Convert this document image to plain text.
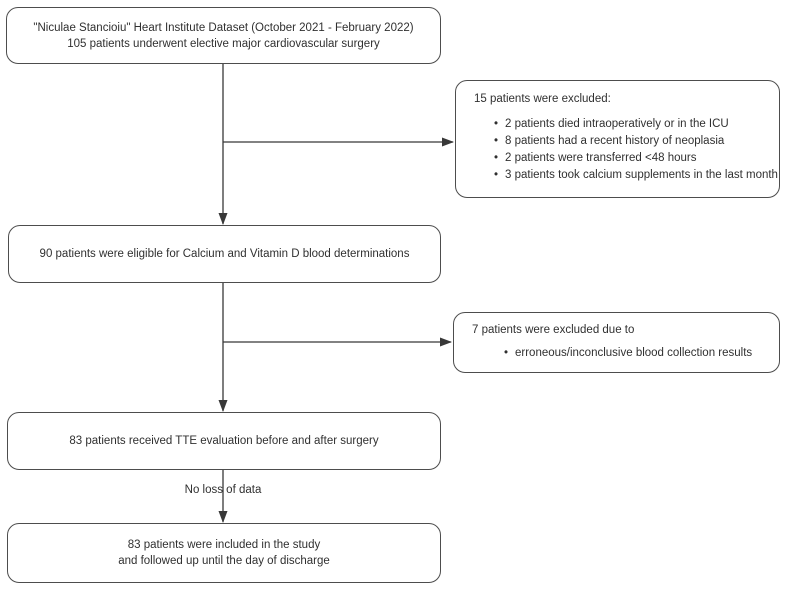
"Niculae Stancioiu" Heart Institute Dataset (October 2021 - February 2022)
105 patients underwent elective major cardiovascular surgery
15 patients were excluded:
• 2 patients died intraoperatively or in the ICU
• 8 patients had a recent history of neoplasia
• 2 patients were transferred <48 hours
• 3 patients took calcium supplements in the last month
90 patients were eligible for Calcium and Vitamin D blood determinations
7 patients were excluded due to
• erroneous/inconclusive blood collection results
83 patients received TTE evaluation before and after surgery
No loss of data
83 patients were included in the study
and followed up until the day of discharge
